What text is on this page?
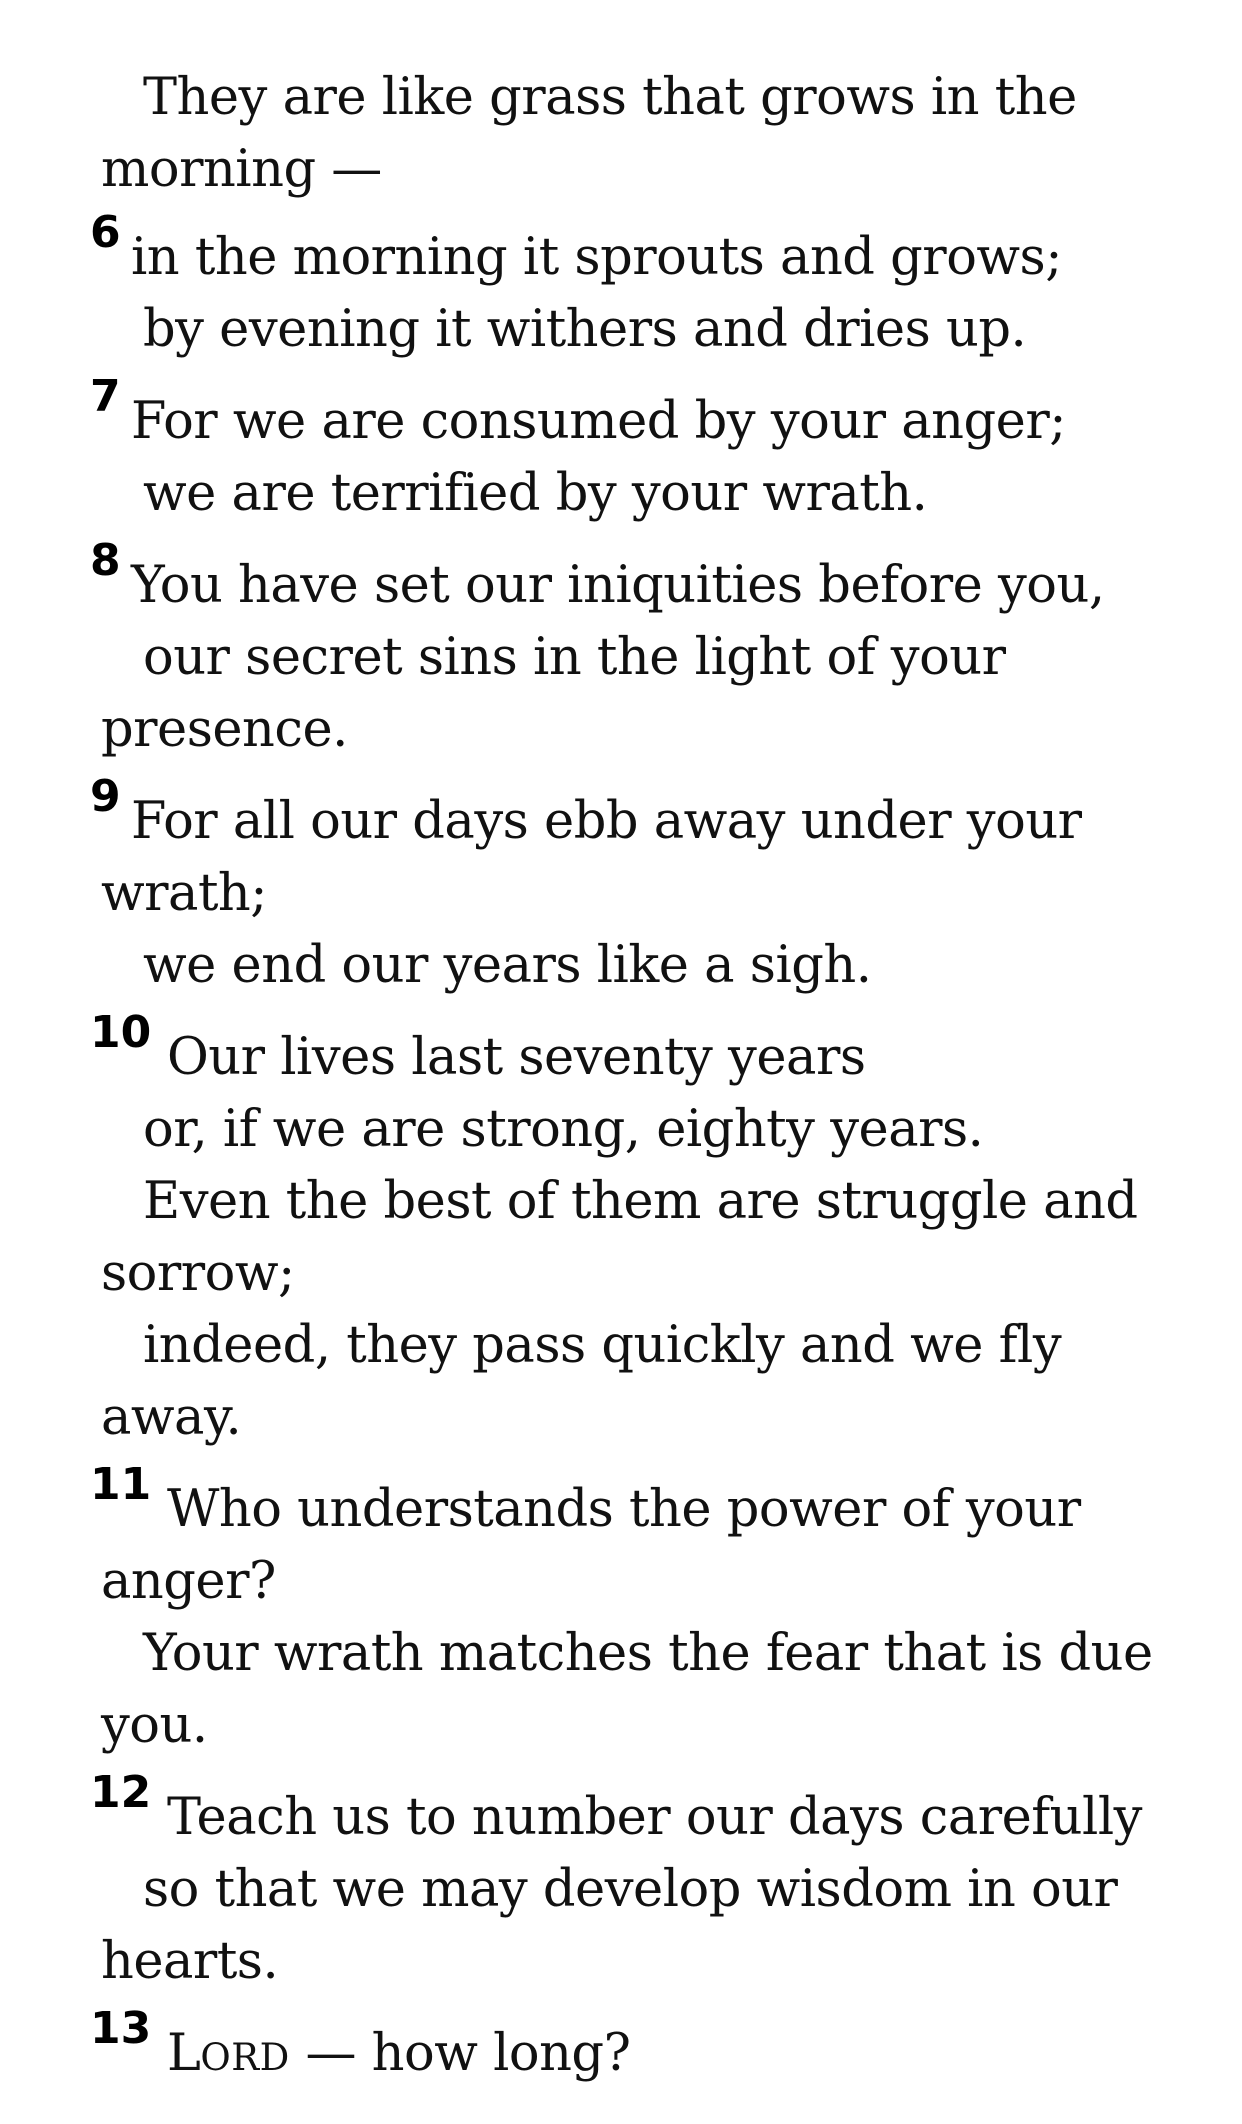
They are like grass that grows in the
morning —
6 in the morning it sprouts and grows;
by evening it withers and dries up.
7 For we are consumed by your anger;
we are terrified by your wrath.
8 You have set our iniquities before you,
our secret sins in the light of your
presence.
9 For all our days ebb away under your
wrath;
we end our years like a sigh.
10 Our lives last seventy years
or, if we are strong, eighty years.
Even the best of them are struggle and
sorrow;
indeed, they pass quickly and we fly
away.
11 Who understands the power of your
anger?
Your wrath matches the fear that is due
you.
12 Teach us to number our days carefully
so that we may develop wisdom in our
hearts.
13 LORD — how long?
